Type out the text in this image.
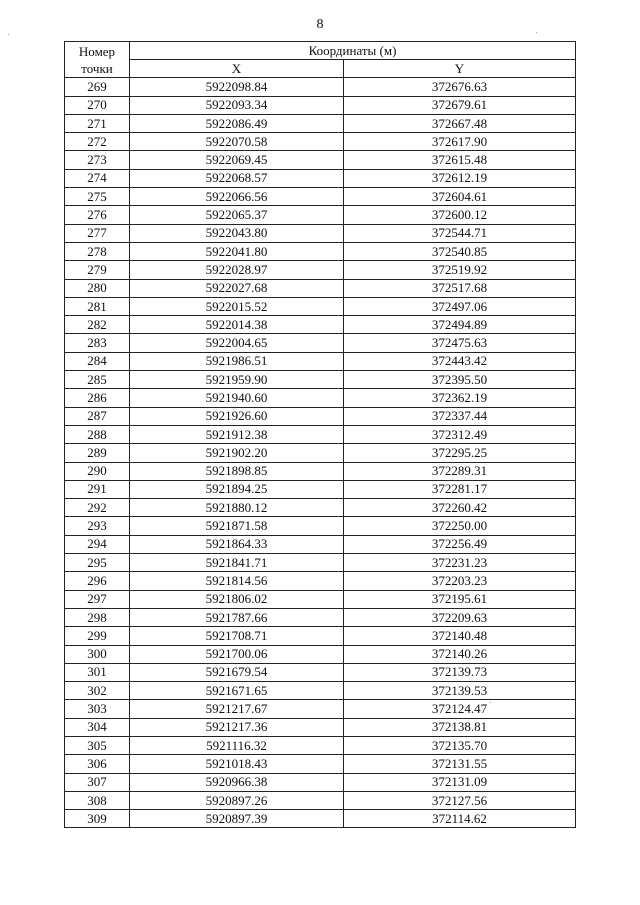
8
Номер точки	Координаты (м)	
	X	Y
269	5922098.84	372676.63
270	5922093.34	372679.61
271	5922086.49	372667.48
272	5922070.58	372617.90
273	5922069.45	372615.48
274	5922068.57	372612.19
275	5922066.56	372604.61
276	5922065.37	372600.12
277	5922043.80	372544.71
278	5922041.80	372540.85
279	5922028.97	372519.92
280	5922027.68	372517.68
281	5922015.52	372497.06
282	5922014.38	372494.89
283	5922004.65	372475.63
284	5921986.51	372443.42
285	5921959.90	372395.50
286	5921940.60	372362.19
287	5921926.60	372337.44
288	5921912.38	372312.49
289	5921902.20	372295.25
290	5921898.85	372289.31
291	5921894.25	372281.17
292	5921880.12	372260.42
293	5921871.58	372250.00
294	5921864.33	372256.49
295	5921841.71	372231.23
296	5921814.56	372203.23
297	5921806.02	372195.61
298	5921787.66	372209.63
299	5921708.71	372140.48
300	5921700.06	372140.26
301	5921679.54	372139.73
302	5921671.65	372139.53
303	5921217.67	372124.47
304	5921217.36	372138.81
305	5921116.32	372135.70
306	5921018.43	372131.55
307	5920966.38	372131.09
308	5920897.26	372127.56
309	5920897.39	372114.62
